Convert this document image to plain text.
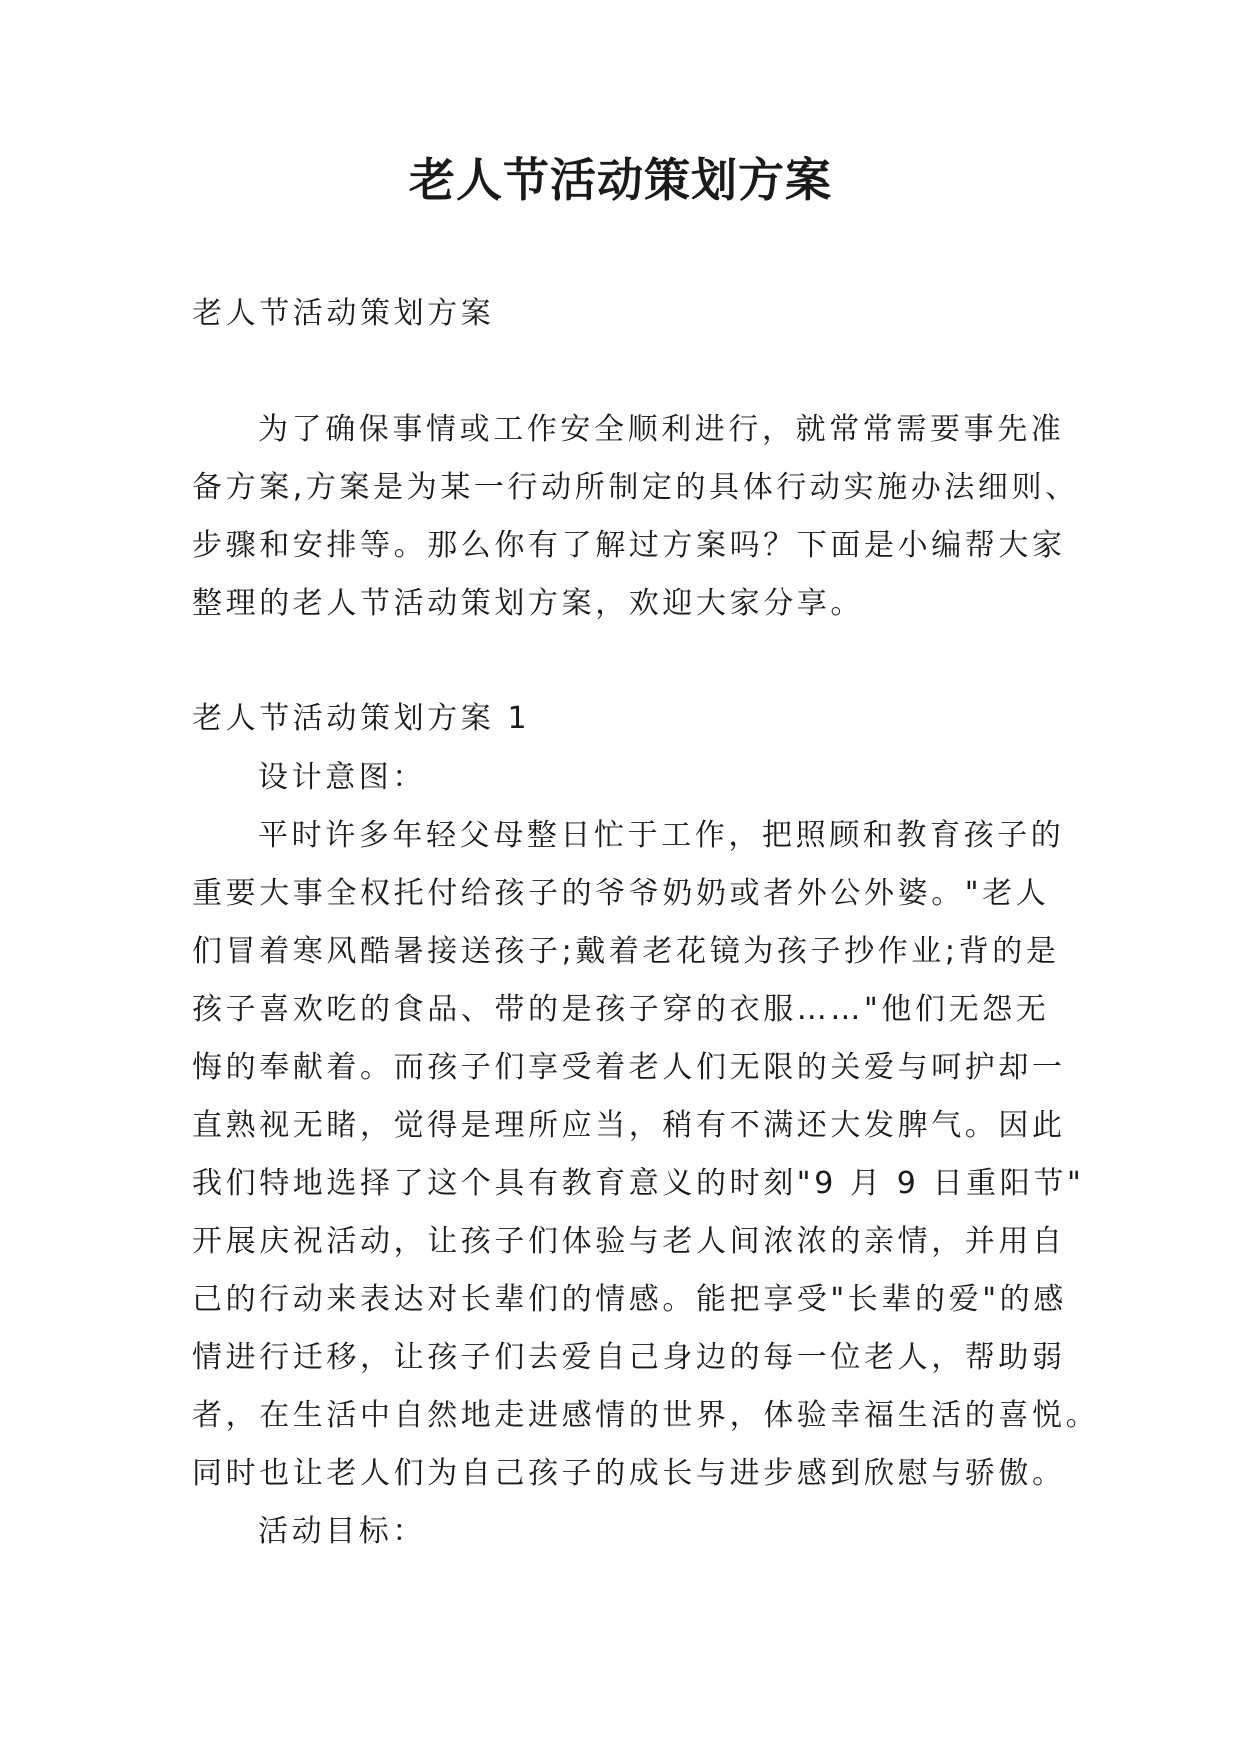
老人节活动策划方案
老人节活动策划方案
为了确保事情或工作安全顺利进行，就常常需要事先准
备方案,方案是为某一行动所制定的具体行动实施办法细则、
步骤和安排等。那么你有了解过方案吗？下面是小编帮大家
整理的老人节活动策划方案，欢迎大家分享。
老人节活动策划方案 1
设计意图：
平时许多年轻父母整日忙于工作，把照顾和教育孩子的
重要大事全权托付给孩子的爷爷奶奶或者外公外婆。"老人
们冒着寒风酷暑接送孩子;戴着老花镜为孩子抄作业;背的是
孩子喜欢吃的食品、带的是孩子穿的衣服……"他们无怨无
悔的奉献着。而孩子们享受着老人们无限的关爱与呵护却一
直熟视无睹，觉得是理所应当，稍有不满还大发脾气。因此
我们特地选择了这个具有教育意义的时刻"9 月 9 日重阳节"
开展庆祝活动，让孩子们体验与老人间浓浓的亲情，并用自
己的行动来表达对长辈们的情感。能把享受"长辈的爱"的感
情进行迁移，让孩子们去爱自己身边的每一位老人，帮助弱
者，在生活中自然地走进感情的世界，体验幸福生活的喜悦。
同时也让老人们为自己孩子的成长与进步感到欣慰与骄傲。
活动目标：
